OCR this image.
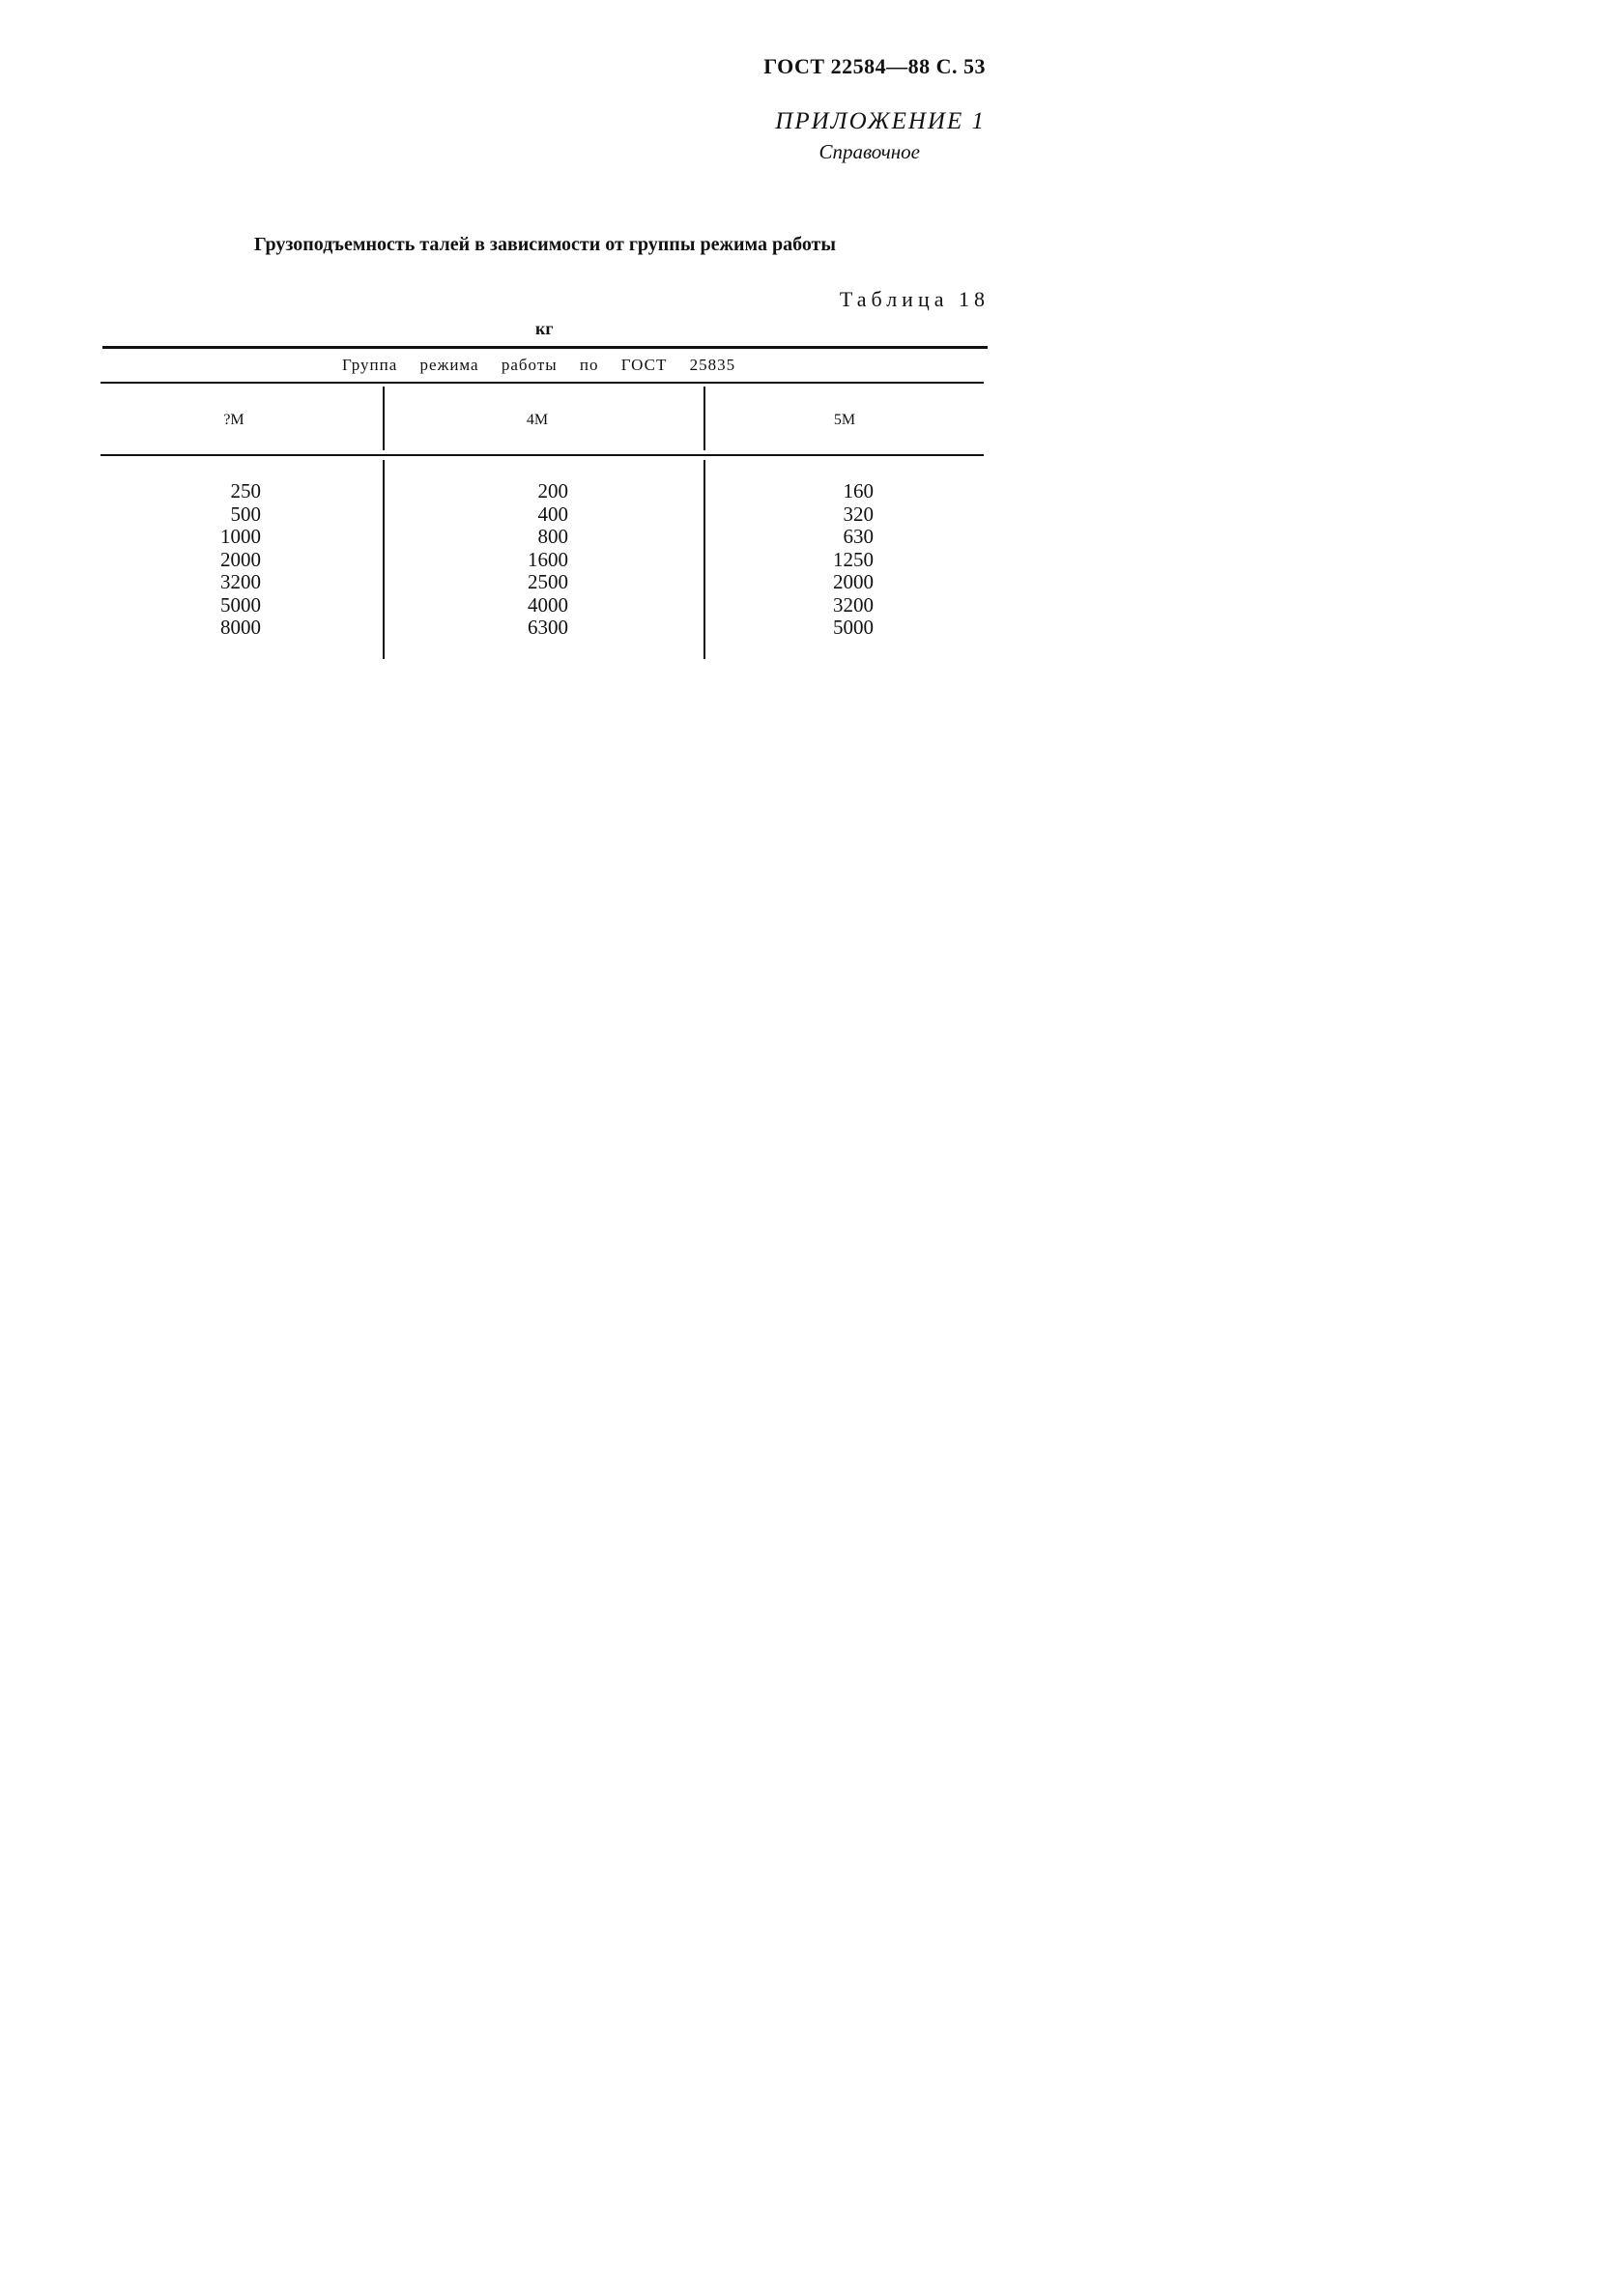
ГОСТ 22584—88 С. 53
ПРИЛОЖЕНИЕ 1
Справочное
Грузоподъемность талей в зависимости от группы режима работы
Таблица 18
кг
Группа режима работы по ГОСТ 25835
?М	4М	5М
250
500
1000
2000
3200
5000
8000
200
400
800
1600
2500
4000
6300
160
320
630
1250
2000
3200
5000
